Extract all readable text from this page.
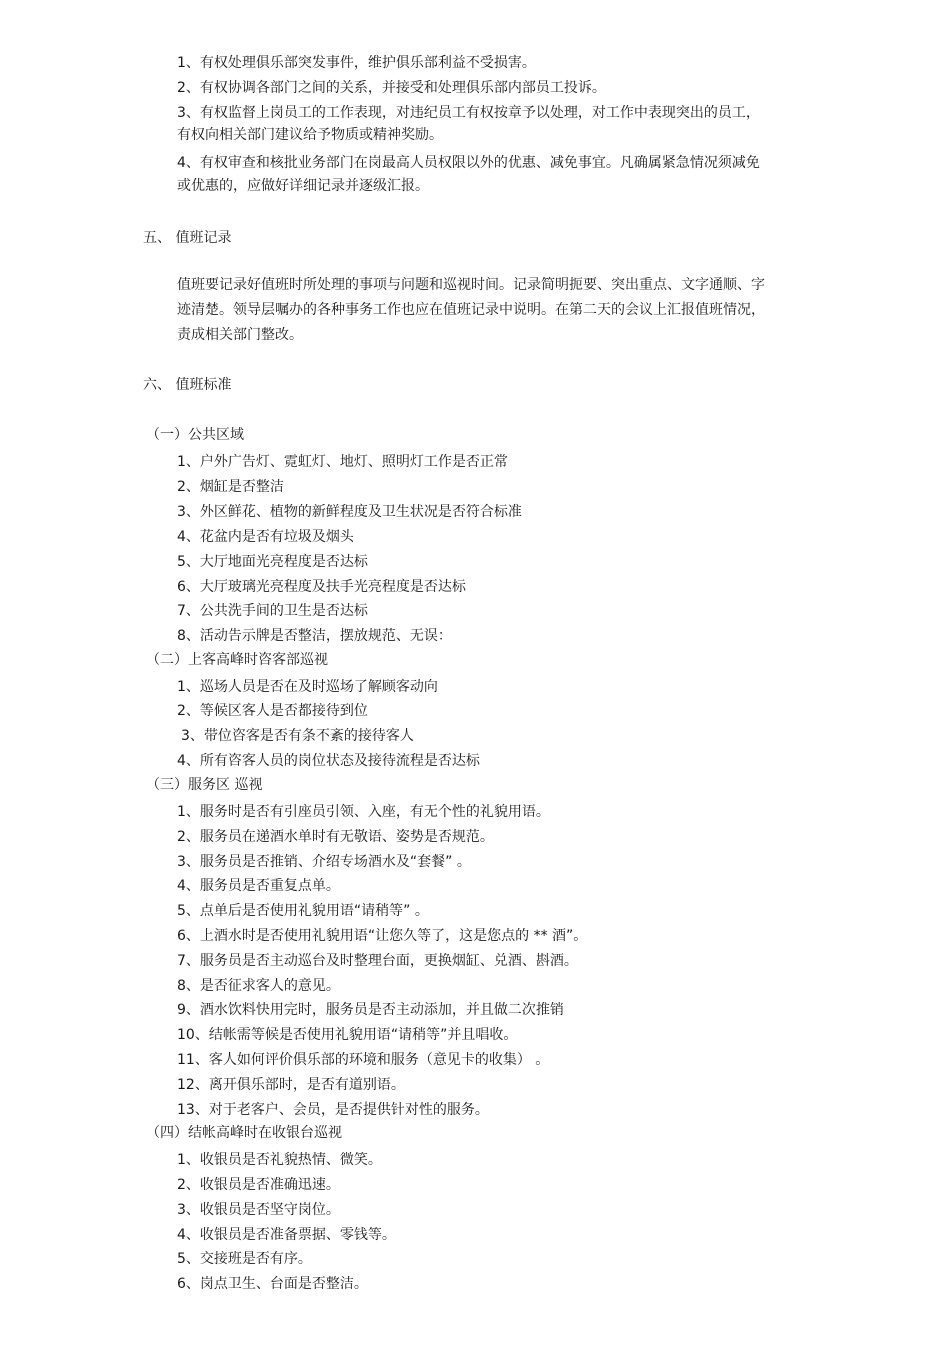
1、有权处理俱乐部突发事件，维护俱乐部利益不受损害。
2、有权协调各部门之间的关系，并接受和处理俱乐部内部员工投诉。
3、有权监督上岗员工的工作表现，对违纪员工有权按章予以处理，对工作中表现突出的员工，
有权向相关部门建议给予物质或精神奖励。
4、有权审查和核批业务部门在岗最高人员权限以外的优惠、减免事宜。凡确属紧急情况须减免
或优惠的，应做好详细记录并逐级汇报。
五、 值班记录
值班要记录好值班时所处理的事项与问题和巡视时间。记录简明扼要、突出重点、文字通顺、字
迹清楚。领导层嘱办的各种事务工作也应在值班记录中说明。在第二天的会议上汇报值班情况，
责成相关部门整改。
六、 值班标准
（一）公共区域
1、户外广告灯、霓虹灯、地灯、照明灯工作是否正常
2、烟缸是否整洁
3、外区鲜花、植物的新鲜程度及卫生状况是否符合标准
4、花盆内是否有垃圾及烟头
5、大厅地面光亮程度是否达标
6、大厅玻璃光亮程度及扶手光亮程度是否达标
7、公共洗手间的卫生是否达标
8、活动告示牌是否整洁，摆放规范、无误：
（二）上客高峰时咨客部巡视
1、巡场人员是否在及时巡场了解顾客动向
2、等候区客人是否都接待到位
3、带位咨客是否有条不紊的接待客人
4、所有咨客人员的岗位状态及接待流程是否达标
（三）服务区 巡视
1、服务时是否有引座员引领、入座，有无个性的礼貌用语。
2、服务员在递酒水单时有无敬语、姿势是否规范。
3、服务员是否推销、介绍专场酒水及“套餐” 。
4、服务员是否重复点单。
5、点单后是否使用礼貌用语“请稍等” 。
6、上酒水时是否使用礼貌用语“让您久等了，这是您点的 ** 酒”。
7、服务员是否主动巡台及时整理台面，更换烟缸、兑酒、斟酒。
8、是否征求客人的意见。
9、酒水饮料快用完时，服务员是否主动添加，并且做二次推销
10、结帐需等候是否使用礼貌用语“请稍等”并且唱收。
11、客人如何评价俱乐部的环境和服务（意见卡的收集） 。
12、离开俱乐部时，是否有道别语。
13、对于老客户、会员，是否提供针对性的服务。
（四）结帐高峰时在收银台巡视
1、收银员是否礼貌热情、微笑。
2、收银员是否准确迅速。
3、收银员是否坚守岗位。
4、收银员是否准备票据、零钱等。
5、交接班是否有序。
6、岗点卫生、台面是否整洁。
